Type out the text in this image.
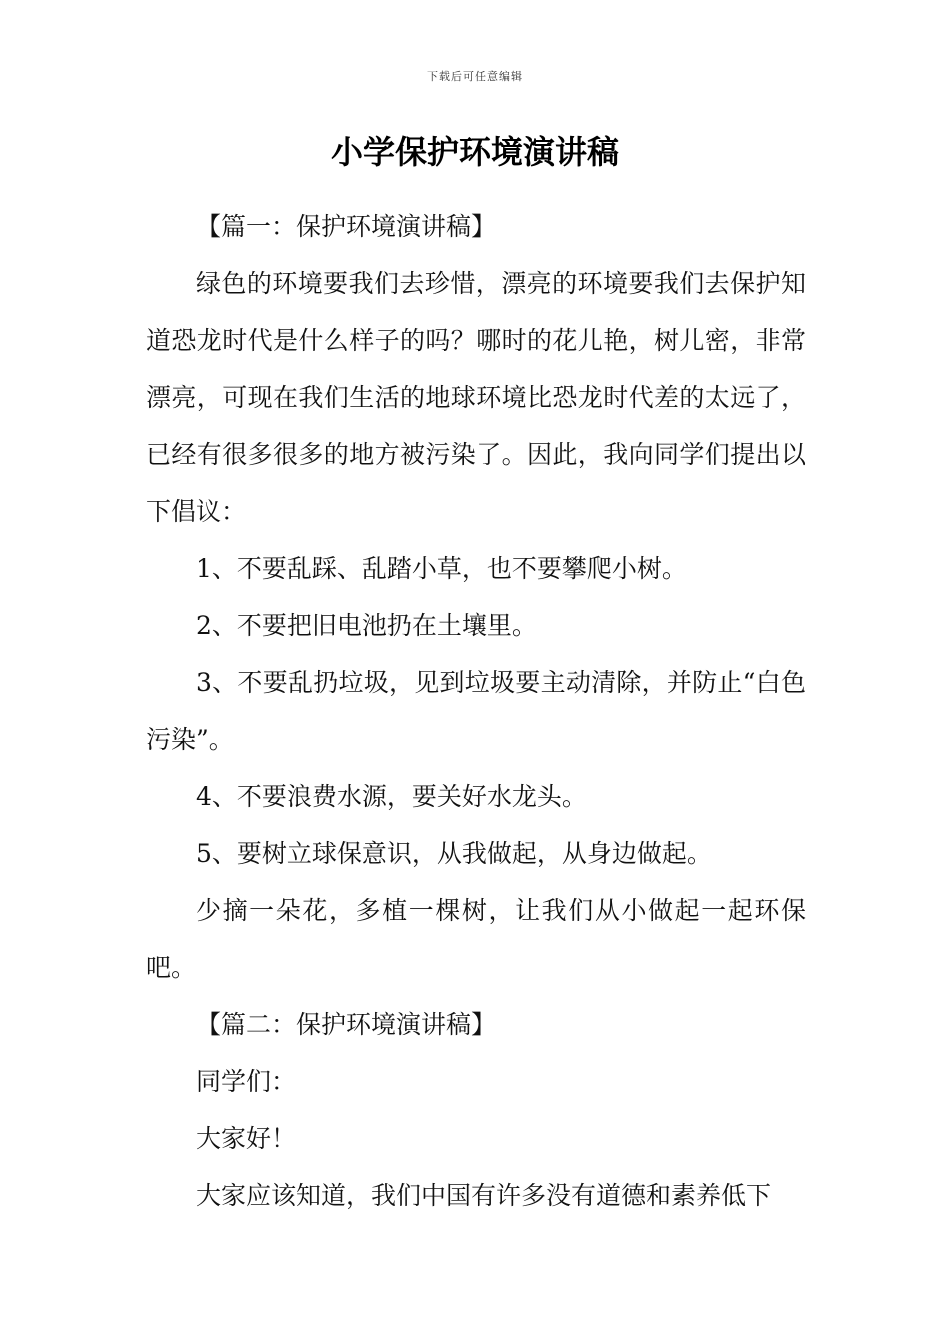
下载后可任意编辑
小学保护环境演讲稿

【篇一：保护环境演讲稿】

绿色的环境要我们去珍惜，漂亮的环境要我们去保护知道恐龙时代是什么样子的吗？哪时的花儿艳，树儿密，非常漂亮，可现在我们生活的地球环境比恐龙时代差的太远了，已经有很多很多的地方被污染了。因此，我向同学们提出以下倡议：

1、不要乱踩、乱踏小草，也不要攀爬小树。

2、不要把旧电池扔在土壤里。

3、不要乱扔垃圾，见到垃圾要主动清除，并防止“白色污染”。

4、不要浪费水源，要关好水龙头。

5、要树立球保意识，从我做起，从身边做起。

少摘一朵花，多植一棵树，让我们从小做起一起环保吧。

【篇二：保护环境演讲稿】

同学们：

大家好！

大家应该知道，我们中国有许多没有道德和素养低下
